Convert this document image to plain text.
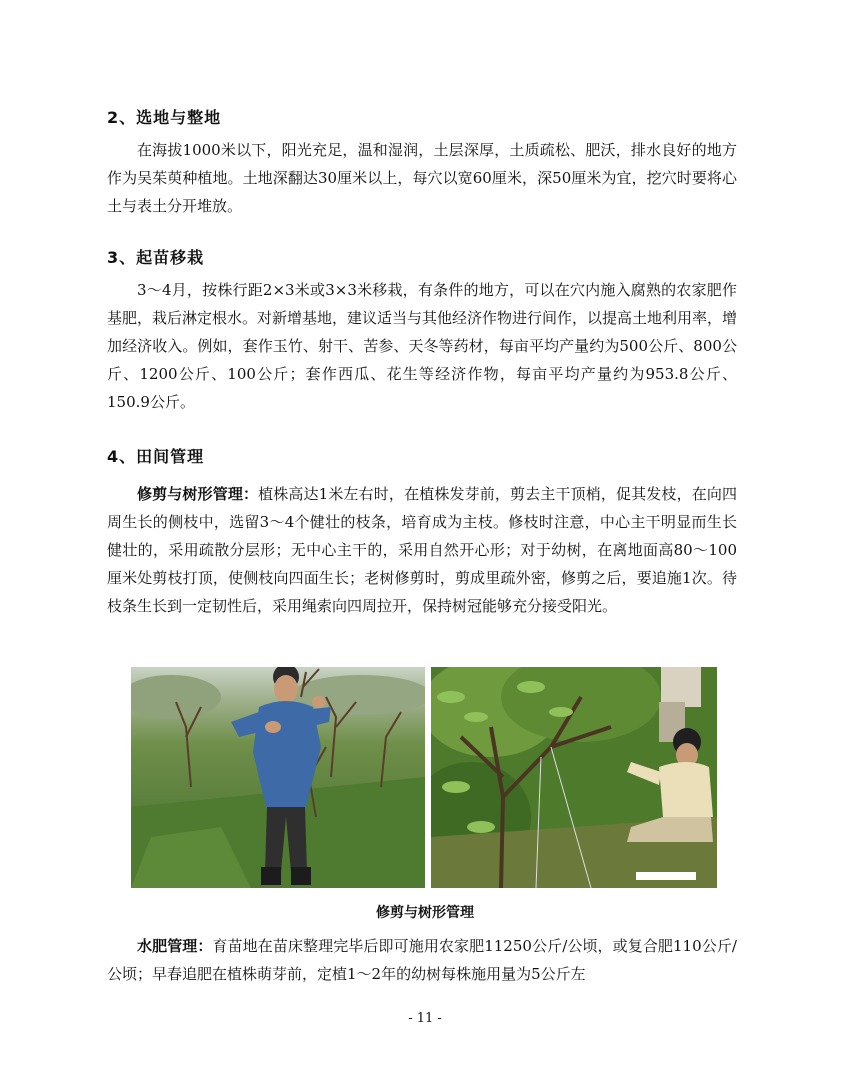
2、选地与整地

在海拔1000米以下，阳光充足，温和湿润，土层深厚，土质疏松、肥沃，排水良好的地方作为吴茱萸种植地。土地深翻达30厘米以上，每穴以宽60厘米，深50厘米为宜，挖穴时要将心土与表土分开堆放。

3、起苗移栽

3～4月，按株行距2×3米或3×3米移栽，有条件的地方，可以在穴内施入腐熟的农家肥作基肥，栽后淋定根水。对新增基地，建议适当与其他经济作物进行间作，以提高土地利用率，增加经济收入。例如，套作玉竹、射干、苦参、天冬等药材，每亩平均产量约为500公斤、800公斤、1200公斤、100公斤；套作西瓜、花生等经济作物，每亩平均产量约为953.8公斤、150.9公斤。

4、田间管理

修剪与树形管理：植株高达1米左右时，在植株发芽前，剪去主干顶梢，促其发枝，在向四周生长的侧枝中，选留3～4个健壮的枝条，培育成为主枝。修枝时注意，中心主干明显而生长健壮的，采用疏散分层形；无中心主干的，采用自然开心形；对于幼树，在离地面高80～100厘米处剪枝打顶，使侧枝向四面生长；老树修剪时，剪成里疏外密，修剪之后，要追施1次。待枝条生长到一定韧性后，采用绳索向四周拉开，保持树冠能够充分接受阳光。

修剪与树形管理

水肥管理：育苗地在苗床整理完毕后即可施用农家肥11250公斤/公顷，或复合肥110公斤/公顷；早春追肥在植株萌芽前，定植1～2年的幼树每株施用量为5公斤左

- 11 -
